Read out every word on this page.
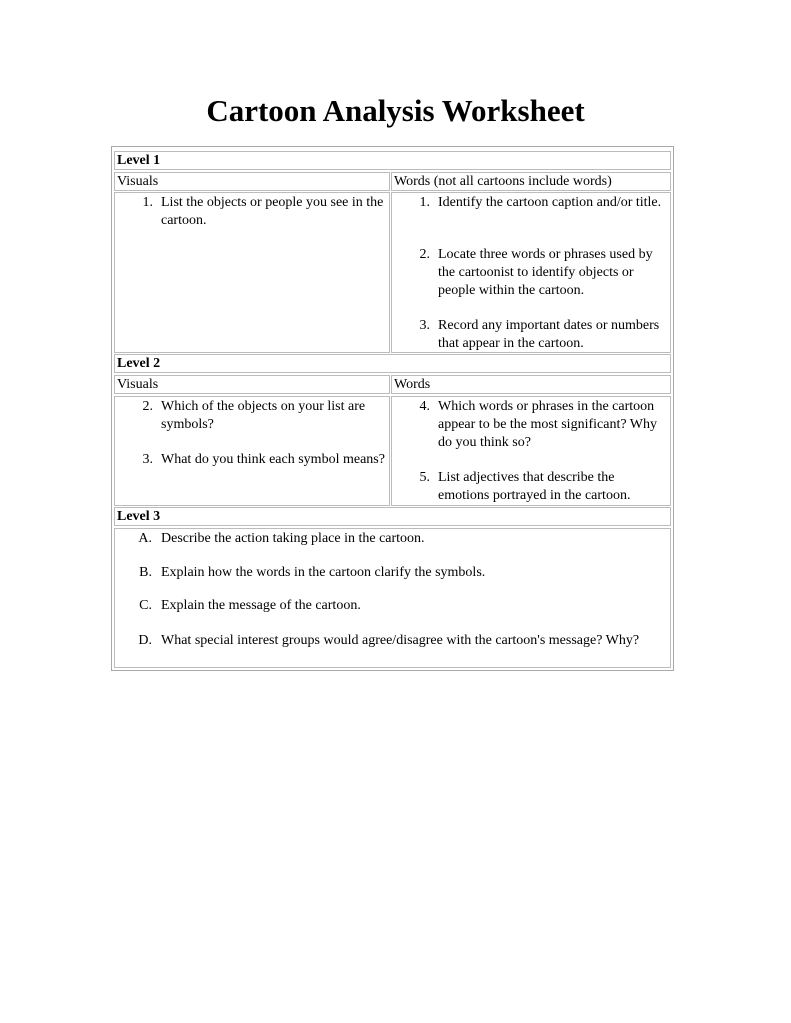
Cartoon Analysis Worksheet
Level 1
Visuals	Words (not all cartoons include words)
1. List the objects or people you see in the cartoon.
1. Identify the cartoon caption and/or title.
2. Locate three words or phrases used by the cartoonist to identify objects or people within the cartoon.
3. Record any important dates or numbers that appear in the cartoon.
Level 2
Visuals	Words
2. Which of the objects on your list are symbols?
3. What do you think each symbol means?
4. Which words or phrases in the cartoon appear to be the most significant? Why do you think so?
5. List adjectives that describe the emotions portrayed in the cartoon.
Level 3
A. Describe the action taking place in the cartoon.
B. Explain how the words in the cartoon clarify the symbols.
C. Explain the message of the cartoon.
D. What special interest groups would agree/disagree with the cartoon's message? Why?
